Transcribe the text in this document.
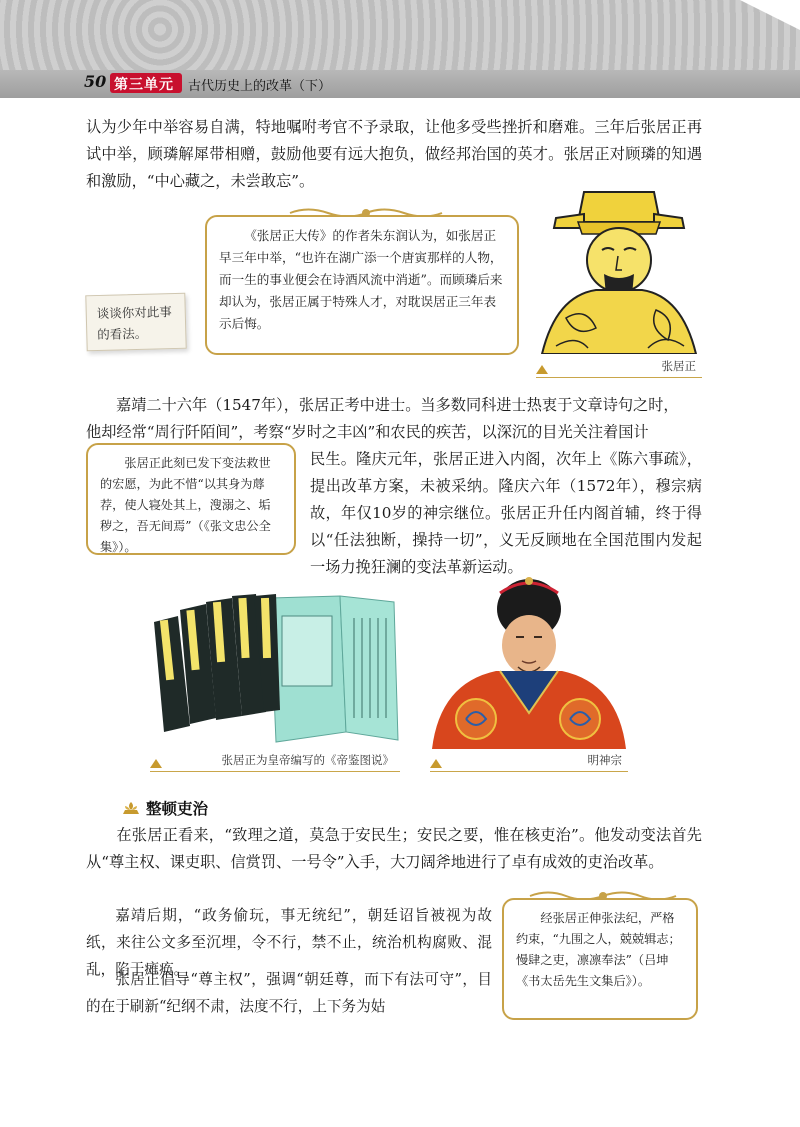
50 第三单元 古代历史上的改革（下）

认为少年中举容易自满，特地嘱咐考官不予录取，让他多受些挫折和磨难。三年后张居正再试中举，顾璘解犀带相赠，鼓励他要有远大抱负，做经邦治国的英才。张居正对顾璘的知遇和激励，“中心藏之，未尝敢忘”。

《张居正大传》的作者朱东润认为，如张居正早三年中举，“也许在湖广添一个唐寅那样的人物，而一生的事业便会在诗酒风流中消逝”。而顾璘后来却认为，张居正属于特殊人才，对耽误居正三年表示后悔。

谈谈你对此事的看法。
张居正

嘉靖二十六年（1547年），张居正考中进士。当多数同科进士热衷于文章诗句之时，

他却经常“周行阡陌间”，考察“岁时之丰凶”和农民的疾苦，以深沉的目光关注着国计

民生。隆庆元年，张居正进入内阁，次年上《陈六事疏》，提出改革方案，未被采纳。隆庆六年（1572年），穆宗病故，年仅10岁的神宗继位。张居正升任内阁首辅，终于得以“任法独断，操持一切”，义无反顾地在全国范围内发起一场力挽狂澜的变法革新运动。

张居正此刻已发下变法救世的宏愿，为此不惜“以其身为蓐荐，使人寝处其上，溲溺之、垢秽之，吾无间焉”（《张文忠公全集》）。

张居正为皇帝编写的《帝鉴图说》	明神宗
整顿吏治

在张居正看来，“致理之道，莫急于安民生；安民之要，惟在核吏治”。他发动变法首先从“尊主权、课吏职、信赏罚、一号令”入手，大刀阔斧地进行了卓有成效的吏治改革。

嘉靖后期，“政务偷玩，事无统纪”，朝廷诏旨被视为故纸，来往公文多至沉埋，令不行，禁不止，统治机构腐败、混乱，陷于瘫痪。

张居正倡导“尊主权”，强调“朝廷尊，而下有法可守”，目的在于刷新“纪纲不肃，法度不行，上下务为姑

经张居正伸张法纪，严格约束，“九围之人，兢兢辑志；慢肆之吏，凛凛奉法”（吕坤《书太岳先生文集后》）。
